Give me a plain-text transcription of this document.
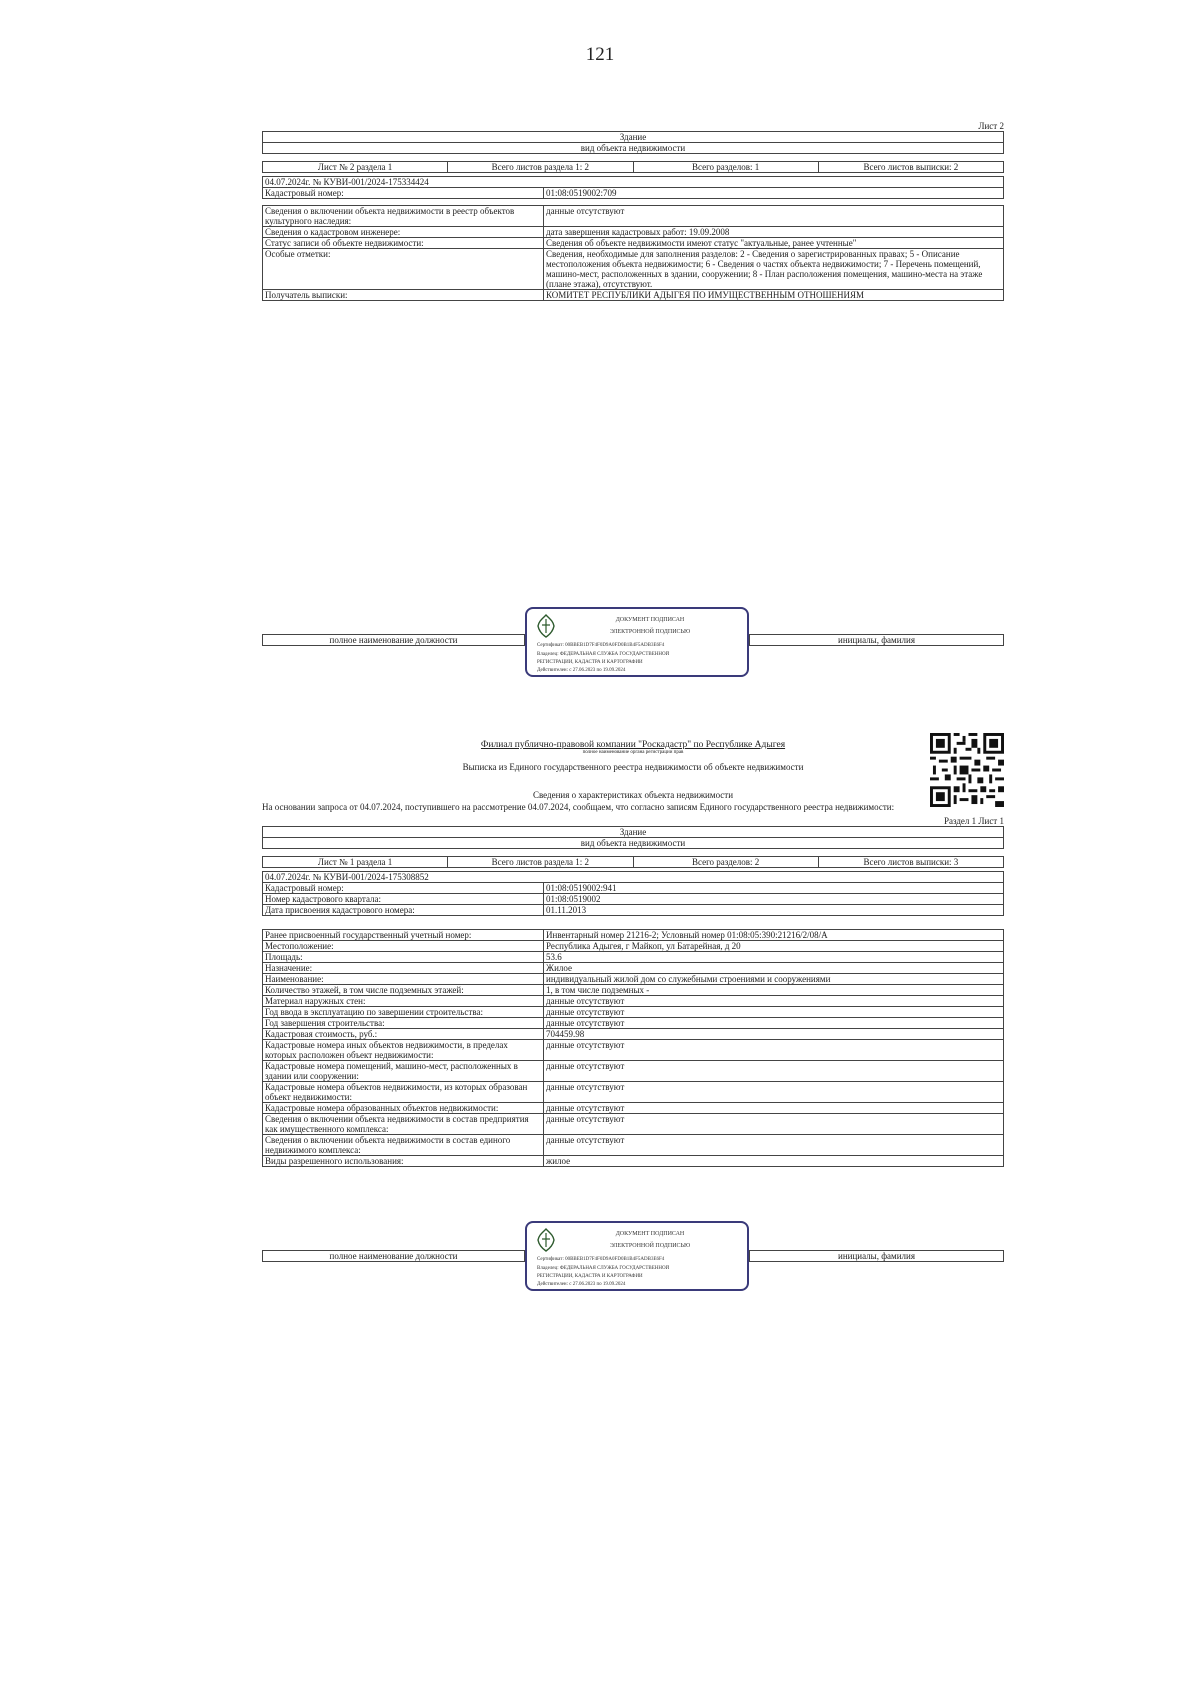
121
Лист 2
Здание
вид объекта недвижимости

Лист № 2 раздела 1	Всего листов раздела 1: 2	Всего разделов: 1	Всего листов выписки: 2
04.07.2024г. № КУВИ-001/2024-175334424
Кадастровый номер:	01:08:0519002:709
Сведения о включении объекта недвижимости в реестр объектов культурного наследия:	данные отсутствуют
Сведения о кадастровом инженере:	дата завершения кадастровых работ: 19.09.2008
Статус записи об объекте недвижимости:	Сведения об объекте недвижимости имеют статус "актуальные, ранее учтенные"
Особые отметки:	Сведения, необходимые для заполнения разделов: 2 - Сведения о зарегистрированных правах; 5 - Описание местоположения объекта недвижимости; 6 - Сведения о частях объекта недвижимости; 7 - Перечень помещений, машино-мест, расположенных в здании, сооружении; 8 - План расположения помещения, машино-места на этаже (плане этажа), отсутствуют.
Получатель выписки:	КОМИТЕТ РЕСПУБЛИКИ АДЫГЕЯ ПО ИМУЩЕСТВЕННЫМ ОТНОШЕНИЯМ
полное наименование должности		инициалы, фамилия
ДОКУМЕНТ ПОДПИСАН
ЭЛЕКТРОННОЙ ПОДПИСЬЮ
Сертификат: 00ВВЕВ1D7F4F0D9A0FD0B1B4F5ADB3E6F4
Владелец: ФЕДЕРАЛЬНАЯ СЛУЖБА ГОСУДАРСТВЕННОЙ
РЕГИСТРАЦИИ, КАДАСТРА И КАРТОГРАФИИ
Действителен: с 27.06.2023 по 19.09.2024
Филиал публично-правовой компании "Роскадастр" по Республике Адыгея
полное наименование органа регистрации прав
Выписка из Единого государственного реестра недвижимости об объекте недвижимости
Сведения о характеристиках объекта недвижимости
На основании запроса от 04.07.2024, поступившего на рассмотрение 04.07.2024, сообщаем, что согласно записям Единого государственного реестра недвижимости:
Раздел 1 Лист 1
Здание
вид объекта недвижимости

Лист № 1 раздела 1	Всего листов раздела 1: 2	Всего разделов: 2	Всего листов выписки: 3
04.07.2024г. № КУВИ-001/2024-175308852	
Кадастровый номер:	01:08:0519002:941
Номер кадастрового квартала:	01:08:0519002
Дата присвоения кадастрового номера:	01.11.2013
Ранее присвоенный государственный учетный номер:	Инвентарный номер 21216-2; Условный номер 01:08:05:390:21216/2/08/А
Местоположение:	Республика Адыгея, г Майкоп, ул Батарейная, д 20
Площадь:	53.6
Назначение:	Жилое
Наименование:	индивидуальный жилой дом со служебными строениями и сооружениями
Количество этажей, в том числе подземных этажей:	1, в том числе подземных -
Материал наружных стен:	данные отсутствуют
Год ввода в эксплуатацию по завершении строительства:	данные отсутствуют
Год завершения строительства:	данные отсутствуют
Кадастровая стоимость, руб.:	704459.98
Кадастровые номера иных объектов недвижимости, в пределах которых расположен объект недвижимости:	данные отсутствуют
Кадастровые номера помещений, машино-мест, расположенных в здании или сооружении:	данные отсутствуют
Кадастровые номера объектов недвижимости, из которых образован объект недвижимости:	данные отсутствуют
Кадастровые номера образованных объектов недвижимости:	данные отсутствуют
Сведения о включении объекта недвижимости в состав предприятия как имущественного комплекса:	данные отсутствуют
Сведения о включении объекта недвижимости в состав единого недвижимого комплекса:	данные отсутствуют
Виды разрешенного использования:	жилое
полное наименование должности		инициалы, фамилия
ДОКУМЕНТ ПОДПИСАН
ЭЛЕКТРОННОЙ ПОДПИСЬЮ
Сертификат: 00ВВЕВ1D7F4F0D9A0FD0B1B4F5ADB3E6F4
Владелец: ФЕДЕРАЛЬНАЯ СЛУЖБА ГОСУДАРСТВЕННОЙ
РЕГИСТРАЦИИ, КАДАСТРА И КАРТОГРАФИИ
Действителен: с 27.06.2023 по 19.09.2024
